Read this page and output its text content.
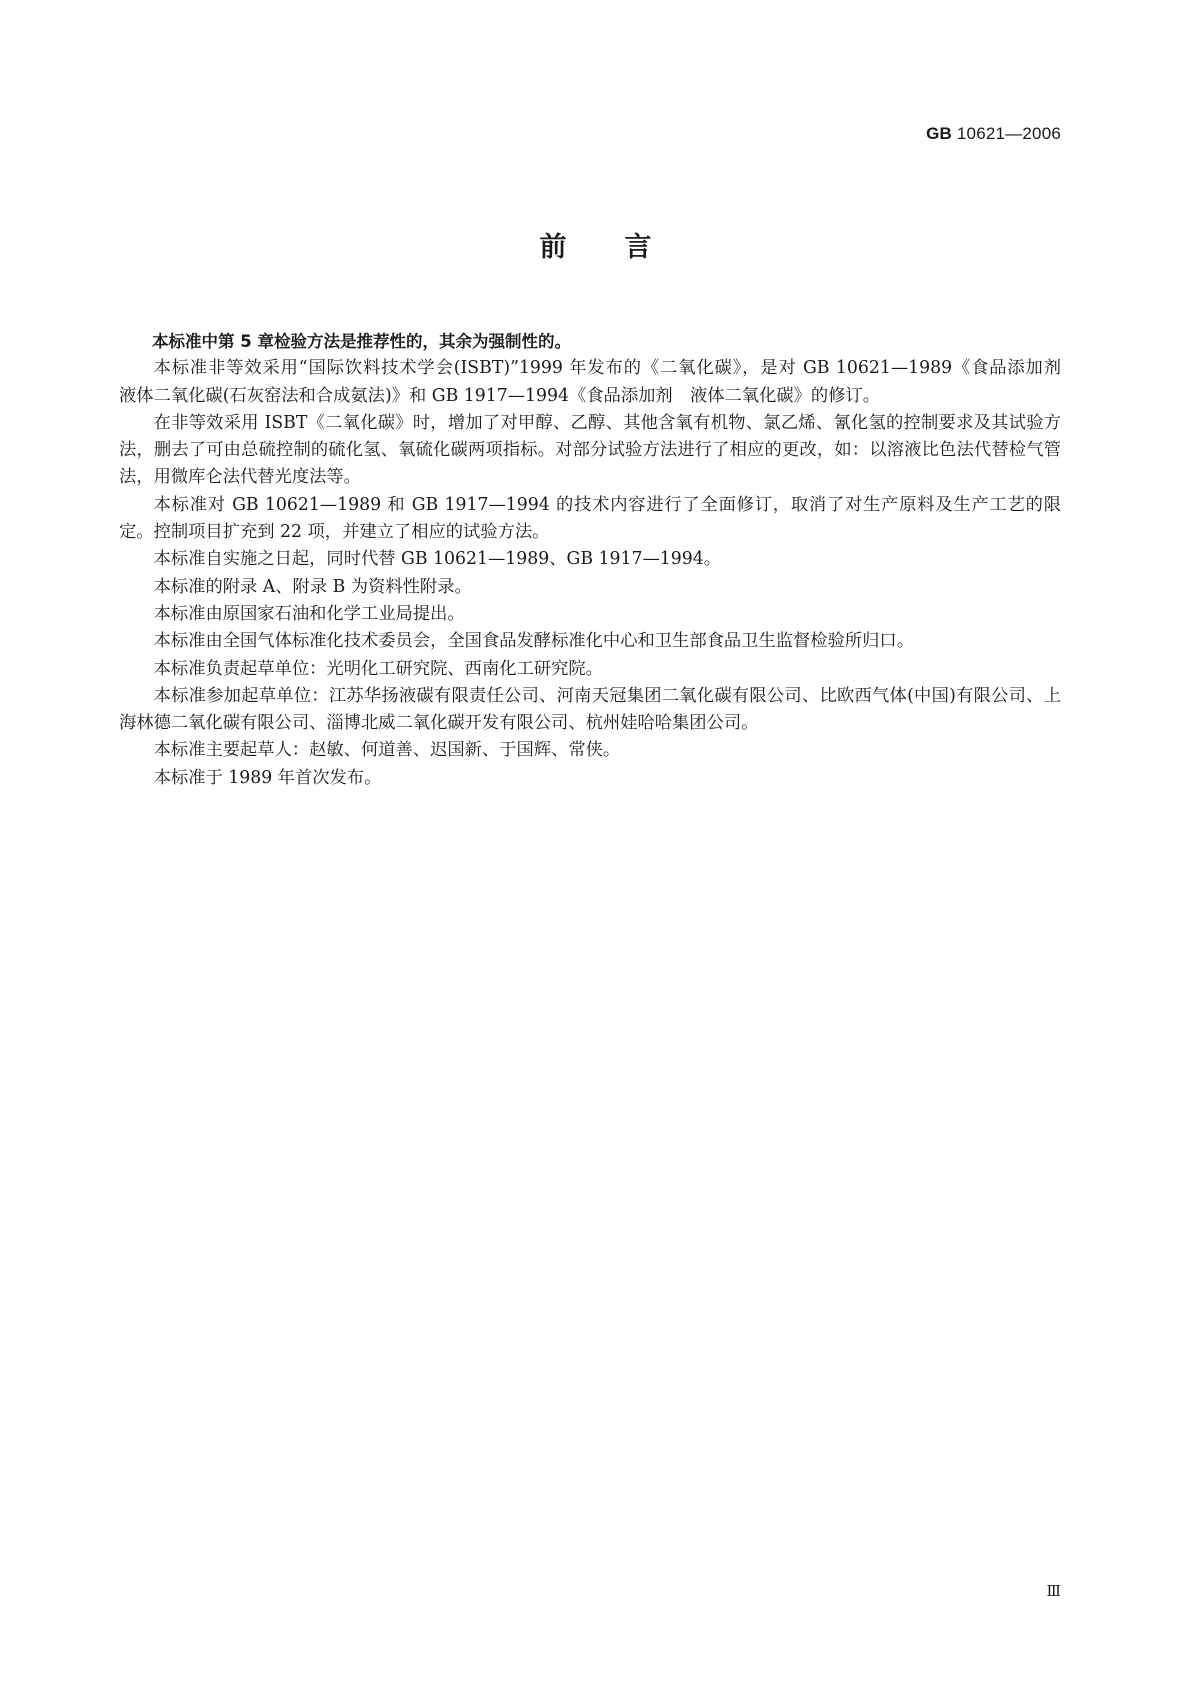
GB 10621—2006
前言

本标准中第 5 章检验方法是推荐性的，其余为强制性的。

本标准非等效采用“国际饮料技术学会(ISBT)”1999 年发布的《二氧化碳》，是对 GB 10621—1989《食品添加剂　液体二氧化碳(石灰窑法和合成氨法)》和 GB 1917—1994《食品添加剂　液体二氧化碳》的修订。

在非等效采用 ISBT《二氧化碳》时，增加了对甲醇、乙醇、其他含氧有机物、氯乙烯、氰化氢的控制要求及其试验方法，删去了可由总硫控制的硫化氢、氧硫化碳两项指标。对部分试验方法进行了相应的更改，如：以溶液比色法代替检气管法，用微库仑法代替光度法等。

本标准对 GB 10621—1989 和 GB 1917—1994 的技术内容进行了全面修订，取消了对生产原料及生产工艺的限定。控制项目扩充到 22 项，并建立了相应的试验方法。

本标准自实施之日起，同时代替 GB 10621—1989、GB 1917—1994。

本标准的附录 A、附录 B 为资料性附录。

本标准由原国家石油和化学工业局提出。

本标准由全国气体标准化技术委员会，全国食品发酵标准化中心和卫生部食品卫生监督检验所归口。

本标准负责起草单位：光明化工研究院、西南化工研究院。

本标准参加起草单位：江苏华扬液碳有限责任公司、河南天冠集团二氧化碳有限公司、比欧西气体(中国)有限公司、上海林德二氧化碳有限公司、淄博北威二氧化碳开发有限公司、杭州娃哈哈集团公司。

本标准主要起草人：赵敏、何道善、迟国新、于国辉、常侠。

本标准于 1989 年首次发布。

Ⅲ
